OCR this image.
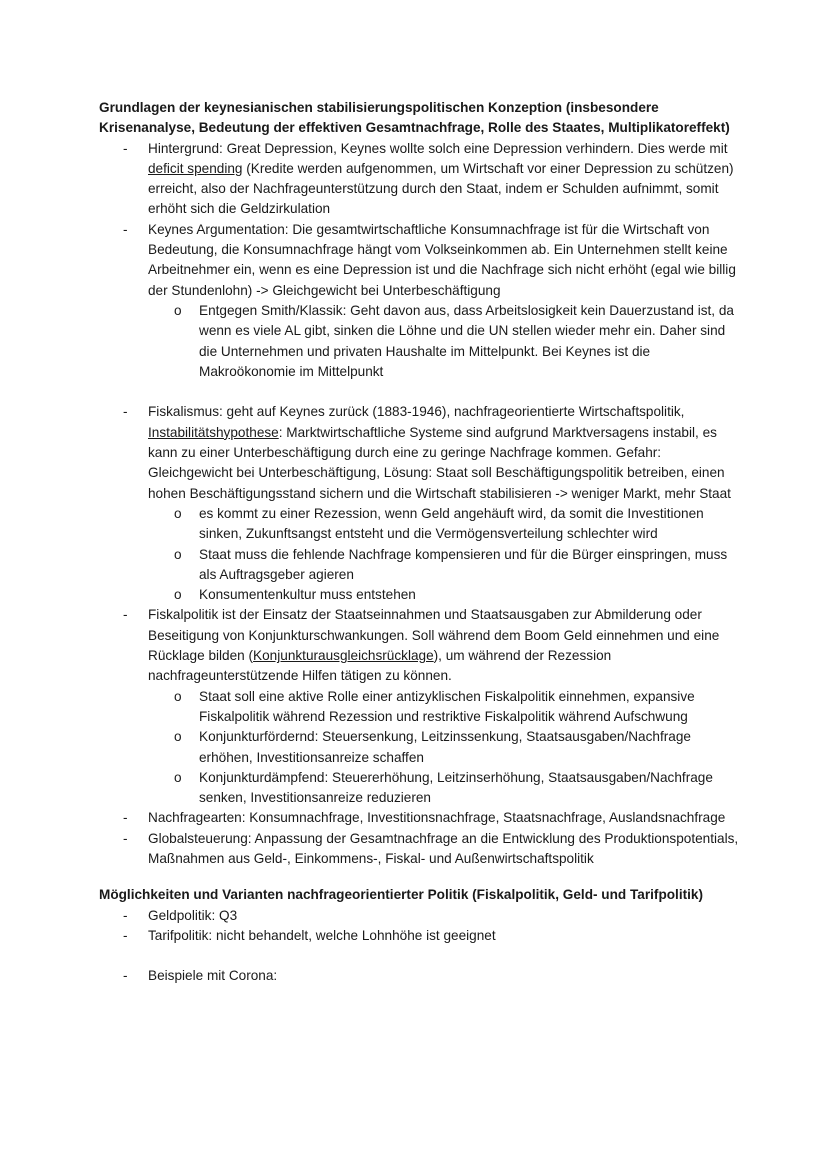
Grundlagen der keynesianischen stabilisierungspolitischen Konzeption (insbesondere Krisenanalyse, Bedeutung der effektiven Gesamtnachfrage, Rolle des Staates, Multiplikatoreffekt)

- Hintergrund: Great Depression, Keynes wollte solch eine Depression verhindern. Dies werde mit deficit spending (Kredite werden aufgenommen, um Wirtschaft vor einer Depression zu schützen) erreicht, also der Nachfrageunterstützung durch den Staat, indem er Schulden aufnimmt, somit erhöht sich die Geldzirkulation
- Keynes Argumentation: Die gesamtwirtschaftliche Konsumnachfrage ist für die Wirtschaft von Bedeutung, die Konsumnachfrage hängt vom Volkseinkommen ab. Ein Unternehmen stellt keine Arbeitnehmer ein, wenn es eine Depression ist und die Nachfrage sich nicht erhöht (egal wie billig der Stundenlohn) -> Gleichgewicht bei Unterbeschäftigung
o Entgegen Smith/Klassik: Geht davon aus, dass Arbeitslosigkeit kein Dauerzustand ist, da wenn es viele AL gibt, sinken die Löhne und die UN stellen wieder mehr ein. Daher sind die Unternehmen und privaten Haushalte im Mittelpunkt. Bei Keynes ist die Makroökonomie im Mittelpunkt
- Fiskalismus: geht auf Keynes zurück (1883-1946), nachfrageorientierte Wirtschaftspolitik, Instabilitätshypothese: Marktwirtschaftliche Systeme sind aufgrund Marktversagens instabil, es kann zu einer Unterbeschäftigung durch eine zu geringe Nachfrage kommen. Gefahr: Gleichgewicht bei Unterbeschäftigung, Lösung: Staat soll Beschäftigungspolitik betreiben, einen hohen Beschäftigungsstand sichern und die Wirtschaft stabilisieren -> weniger Markt, mehr Staat
o es kommt zu einer Rezession, wenn Geld angehäuft wird, da somit die Investitionen sinken, Zukunftsangst entsteht und die Vermögensverteilung schlechter wird
o Staat muss die fehlende Nachfrage kompensieren und für die Bürger einspringen, muss als Auftragsgeber agieren
o Konsumentenkultur muss entstehen
- Fiskalpolitik ist der Einsatz der Staatseinnahmen und Staatsausgaben zur Abmilderung oder Beseitigung von Konjunkturschwankungen. Soll während dem Boom Geld einnehmen und eine Rücklage bilden (Konjunkturausgleichsrücklage), um während der Rezession nachfrageunterstützende Hilfen tätigen zu können.
o Staat soll eine aktive Rolle einer antizyklischen Fiskalpolitik einnehmen, expansive Fiskalpolitik während Rezession und restriktive Fiskalpolitik während Aufschwung
o Konjunkturfördernd: Steuersenkung, Leitzinssenkung, Staatsausgaben/Nachfrage erhöhen, Investitionsanreize schaffen
o Konjunkturdämpfend: Steuererhöhung, Leitzinserhöhung, Staatsausgaben/Nachfrage senken, Investitionsanreize reduzieren
- Nachfragearten: Konsumnachfrage, Investitionsnachfrage, Staatsnachfrage, Auslandsnachfrage
- Globalsteuerung: Anpassung der Gesamtnachfrage an die Entwicklung des Produktionspotentials, Maßnahmen aus Geld-, Einkommens-, Fiskal- und Außenwirtschaftspolitik

Möglichkeiten und Varianten nachfrageorientierter Politik (Fiskalpolitik, Geld- und Tarifpolitik)

- Geldpolitik: Q3
- Tarifpolitik: nicht behandelt, welche Lohnhöhe ist geeignet
- Beispiele mit Corona:
